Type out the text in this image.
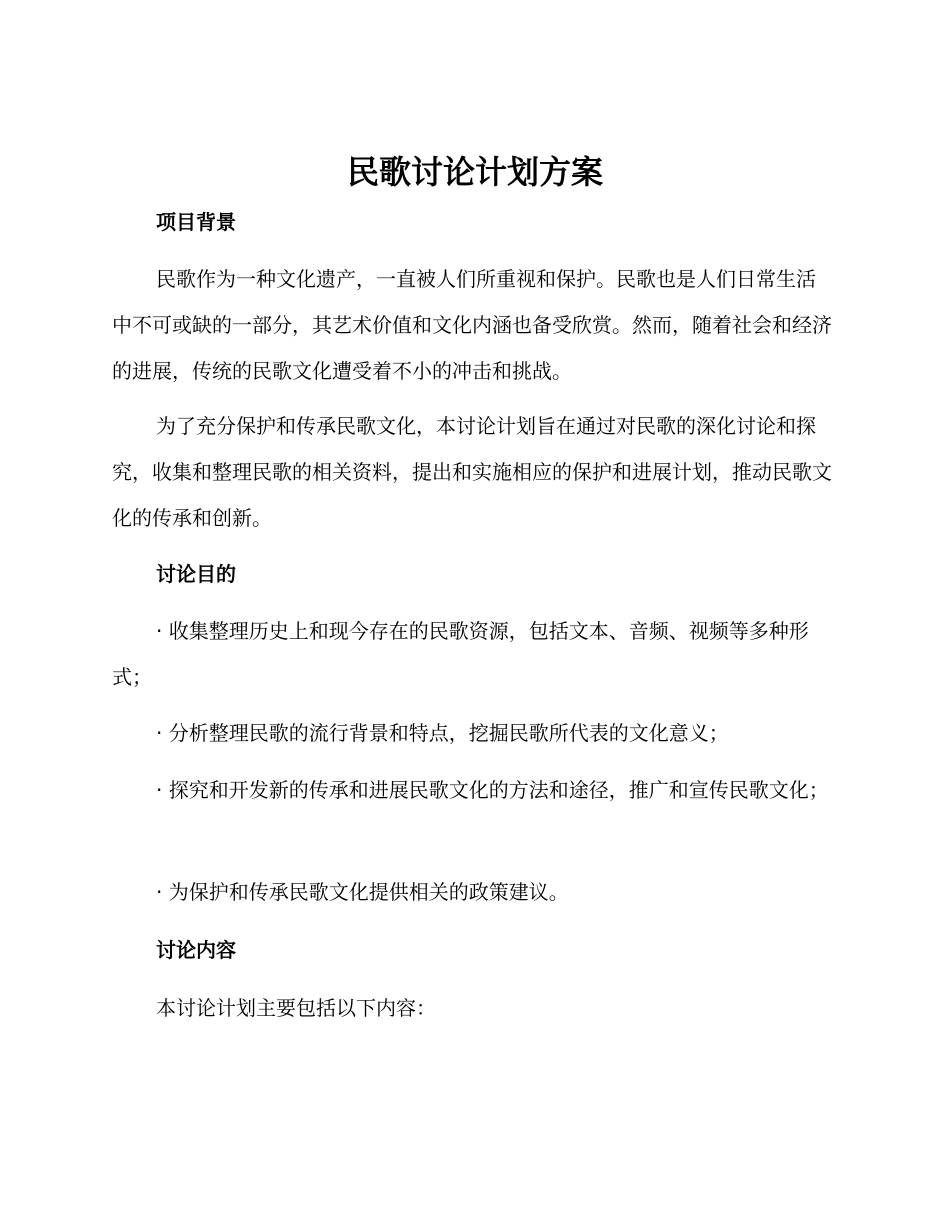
民歌讨论计划方案
项目背景

民歌作为一种文化遗产，一直被人们所重视和保护。民歌也是人们日常生活中不可或缺的一部分，其艺术价值和文化内涵也备受欣赏。然而，随着社会和经济的进展，传统的民歌文化遭受着不小的冲击和挑战。

为了充分保护和传承民歌文化，本讨论计划旨在通过对民歌的深化讨论和探究，收集和整理民歌的相关资料，提出和实施相应的保护和进展计划，推动民歌文化的传承和创新。

讨论目的

· 收集整理历史上和现今存在的民歌资源，包括文本、音频、视频等多种形式；

· 分析整理民歌的流行背景和特点，挖掘民歌所代表的文化意义；

· 探究和开发新的传承和进展民歌文化的方法和途径，推广和宣传民歌文化；

· 为保护和传承民歌文化提供相关的政策建议。

讨论内容
本讨论计划主要包括以下内容：
